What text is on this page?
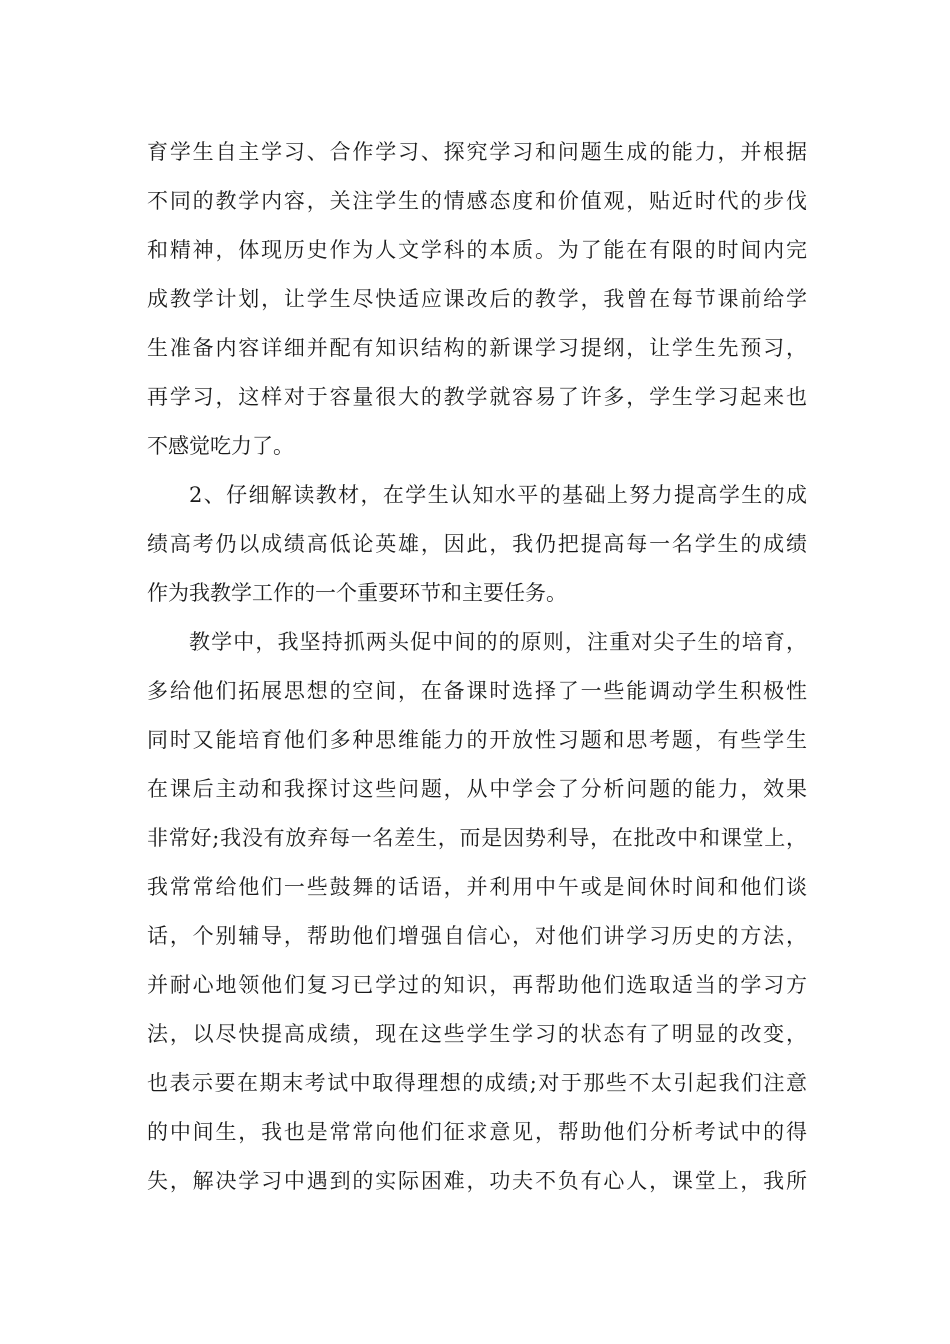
育学生自主学习、合作学习、探究学习和问题生成的能力，并根据
不同的教学内容，关注学生的情感态度和价值观，贴近时代的步伐
和精神，体现历史作为人文学科的本质。为了能在有限的时间内完
成教学计划，让学生尽快适应课改后的教学，我曾在每节课前给学
生准备内容详细并配有知识结构的新课学习提纲，让学生先预习，
再学习，这样对于容量很大的教学就容易了许多，学生学习起来也
不感觉吃力了。
2、仔细解读教材，在学生认知水平的基础上努力提高学生的成
绩高考仍以成绩高低论英雄，因此，我仍把提高每一名学生的成绩
作为我教学工作的一个重要环节和主要任务。
教学中，我坚持抓两头促中间的的原则，注重对尖子生的培育，
多给他们拓展思想的空间，在备课时选择了一些能调动学生积极性
同时又能培育他们多种思维能力的开放性习题和思考题，有些学生
在课后主动和我探讨这些问题，从中学会了分析问题的能力，效果
非常好;我没有放弃每一名差生，而是因势利导，在批改中和课堂上，
我常常给他们一些鼓舞的话语，并利用中午或是间休时间和他们谈
话，个别辅导，帮助他们增强自信心，对他们讲学习历史的方法，
并耐心地领他们复习已学过的知识，再帮助他们选取适当的学习方
法，以尽快提高成绩，现在这些学生学习的状态有了明显的改变，
也表示要在期末考试中取得理想的成绩;对于那些不太引起我们注意
的中间生，我也是常常向他们征求意见，帮助他们分析考试中的得
失，解决学习中遇到的实际困难，功夫不负有心人，课堂上，我所
